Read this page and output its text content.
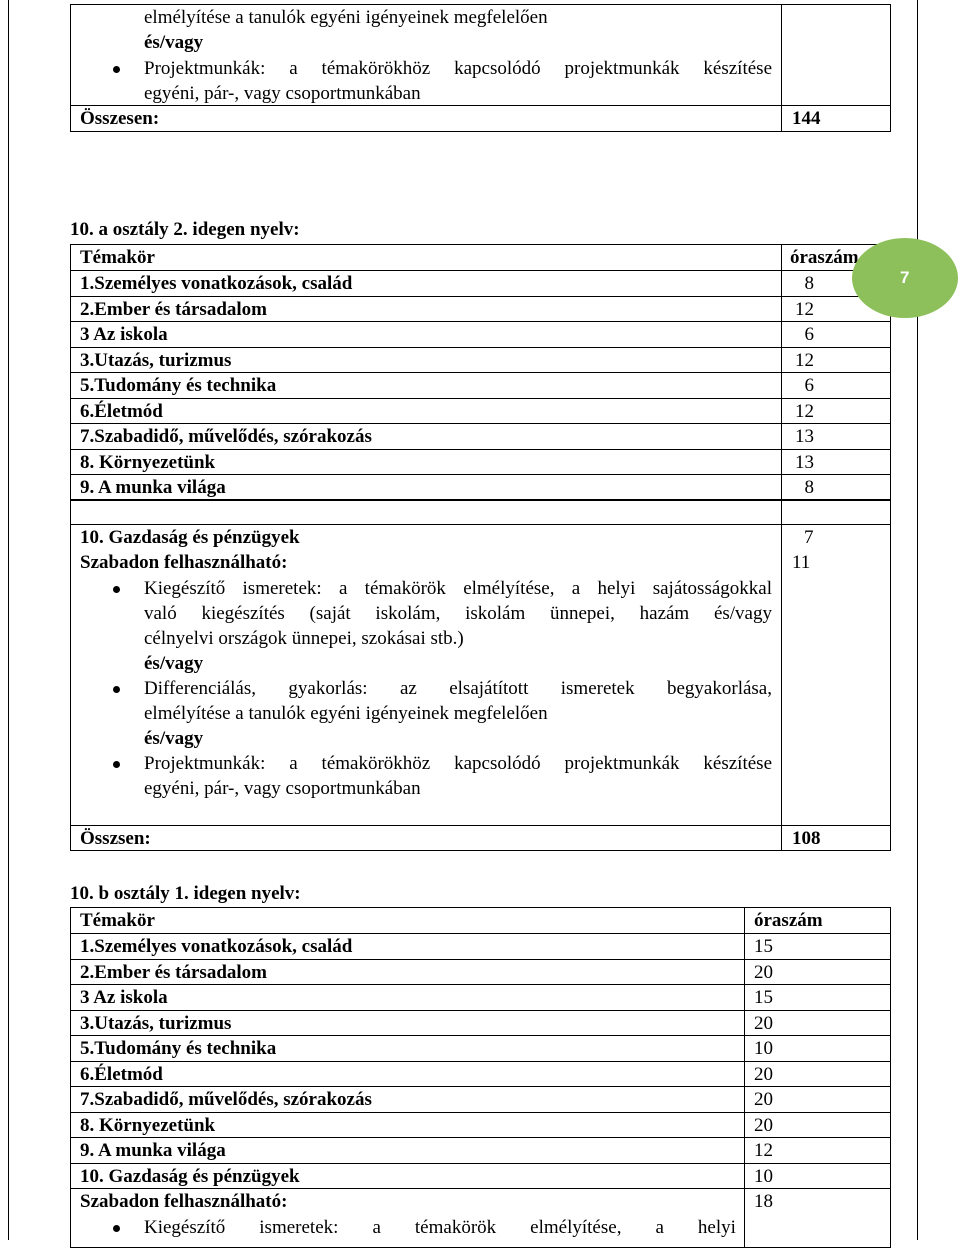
elmélyítése a tanulók egyéni igényeinek megfelelően
és/vagy
Projektmunkák: a témakörökhöz kapcsolódó projektmunkák készítése
egyéni, pár-, vagy csoportmunkában
Összesen:	144
10. a osztály 2. idegen nyelv:
Témakör	óraszám
1.Személyes vonatkozások, család	8
2.Ember és társadalom	12
3 Az iskola	6
3.Utazás, turizmus	12
5.Tudomány és technika	6
6.Életmód	12
7.Szabadidő, művelődés, szórakozás	13
8. Környezetünk	13
9. A munka világa	8
10. Gazdaság és pénzügyek	7
Szabadon felhasználható:	11
Kiegészítő ismeretek: a témakörök elmélyítése, a helyi sajátosságokkal
való kiegészítés (saját iskolám, iskolám ünnepei, hazám és/vagy
célnyelvi országok ünnepei, szokásai stb.)
és/vagy
Differenciálás, gyakorlás: az elsajátított ismeretek begyakorlása,
elmélyítése a tanulók egyéni igényeinek megfelelően
és/vagy
Projektmunkák: a témakörökhöz kapcsolódó projektmunkák készítése
egyéni, pár-, vagy csoportmunkában
Összsen:	108
10. b osztály 1. idegen nyelv:
Témakör	óraszám
1.Személyes vonatkozások, család	15
2.Ember és társadalom	20
3 Az iskola	15
3.Utazás, turizmus	20
5.Tudomány és technika	10
6.Életmód	20
7.Szabadidő, művelődés, szórakozás	20
8. Környezetünk	20
9. A munka világa	12
10. Gazdaság és pénzügyek	10
Szabadon felhasználható:	18
Kiegészítő ismeretek: a témakörök elmélyítése, a helyi
7
